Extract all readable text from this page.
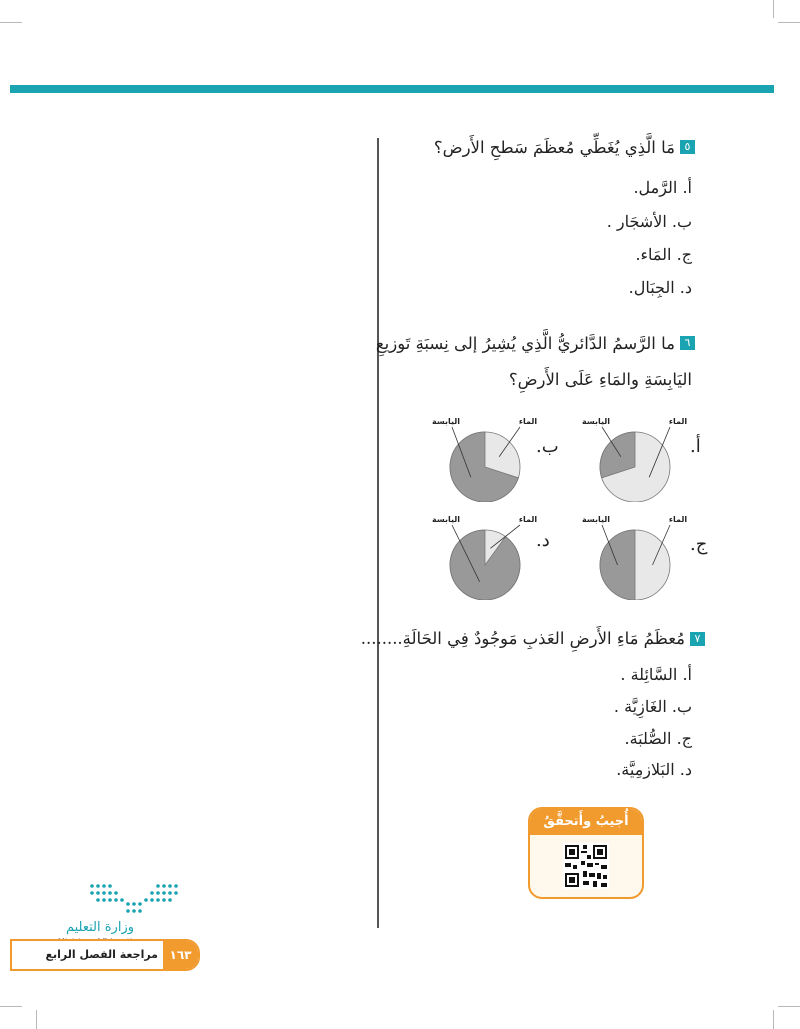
٥
مَا الَّذِي يُغَطِّي مُعظَمَ سَطحِ الأَرض؟
أ. الرَّمل.
ب. الأشجَار .
ج. المَاء.
د. الجِبَال.
٦
ما الرَّسمُ الدَّائريُّ الَّذِي يُشِيرُ إلى نِسبَةِ تَوزيعِ
اليَابِسَةِ والمَاءِ عَلَى الأَرضِ؟
أ.
الماء
اليابسة
ب.
الماء
اليابسة
ج.
الماء
اليابسة
د.
الماء
اليابسة
٧
مُعظَمُ مَاءِ الأَرضِ العَذبِ مَوجُودٌ فِي الحَالَةِ........
أ. السَّائِلة .
ب. الغَازِيَّة .
ج. الصُّلبَة.
د. البَلازمِيَّة.
أُجيبُ وأَتحقَّقُ
وزارة التعليم
مراجعة الفصل الرابع ١٦٣
